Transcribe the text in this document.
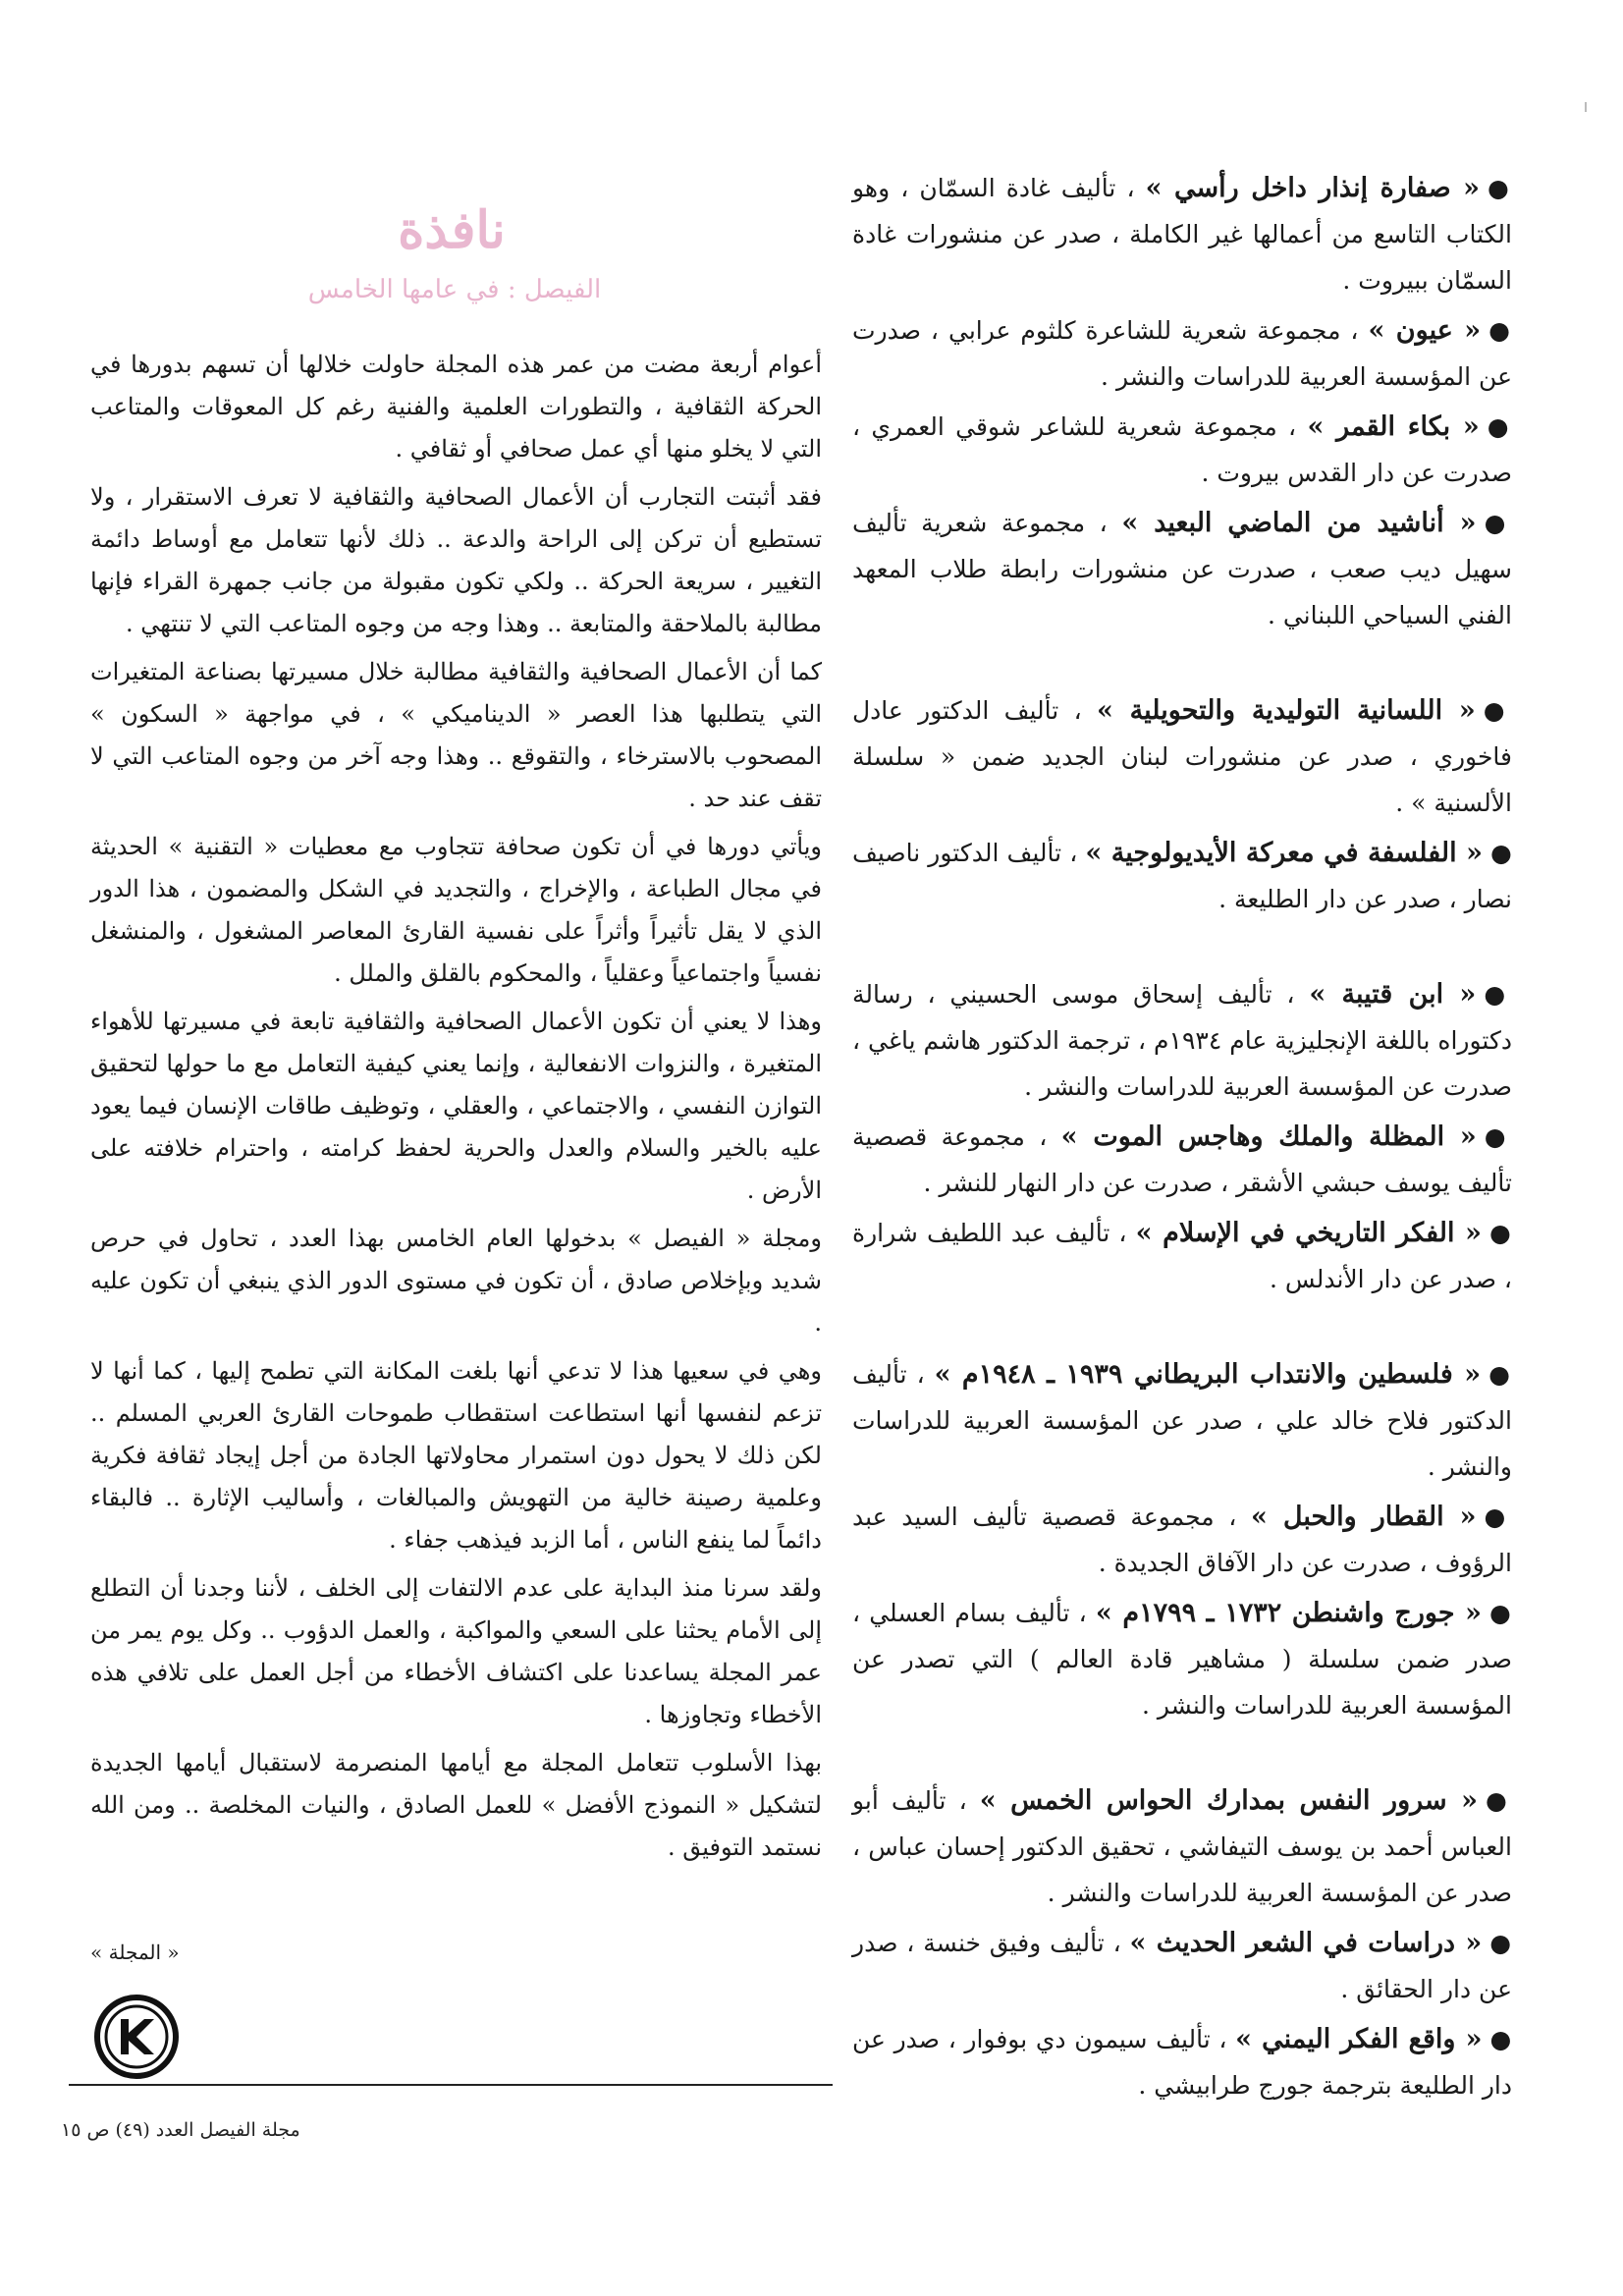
●« صفارة إنذار داخل رأسي » ، تأليف غادة السمّان ، وهو الكتاب التاسع من أعمالها غير الكاملة ، صدر عن منشورات غادة السمّان ببيروت .

●« عيون » ، مجموعة شعرية للشاعرة كلثوم عرابي ، صدرت عن المؤسسة العربية للدراسات والنشر .

●« بكاء القمر » ، مجموعة شعرية للشاعر شوقي العمري ، صدرت عن دار القدس بيروت .

●« أناشيد من الماضي البعيد » ، مجموعة شعرية تأليف سهيل ديب صعب ، صدرت عن منشورات رابطة طلاب المعهد الفني السياحي اللبناني .

●« اللسانية التوليدية والتحويلية » ، تأليف الدكتور عادل فاخوري ، صدر عن منشورات لبنان الجديد ضمن « سلسلة الألسنية » .

●« الفلسفة في معركة الأيديولوجية » ، تأليف الدكتور ناصيف نصار ، صدر عن دار الطليعة .

●« ابن قتيبة » ، تأليف إسحاق موسى الحسيني ، رسالة دكتوراه باللغة الإنجليزية عام ١٩٣٤م ، ترجمة الدكتور هاشم ياغي ، صدرت عن المؤسسة العربية للدراسات والنشر .

●« المظلة والملك وهاجس الموت » ، مجموعة قصصية تأليف يوسف حبشي الأشقر ، صدرت عن دار النهار للنشر .

●« الفكر التاريخي في الإسلام » ، تأليف عبد اللطيف شرارة ، صدر عن دار الأندلس .

●« فلسطين والانتداب البريطاني ١٩٣٩ ـ ١٩٤٨م » ، تأليف الدكتور فلاح خالد علي ، صدر عن المؤسسة العربية للدراسات والنشر .

●« القطار والحبل » ، مجموعة قصصية تأليف السيد عبد الرؤوف ، صدرت عن دار الآفاق الجديدة .

●« جورج واشنطن ١٧٣٢ ـ ١٧٩٩م » ، تأليف بسام العسلي ، صدر ضمن سلسلة ( مشاهير قادة العالم ) التي تصدر عن المؤسسة العربية للدراسات والنشر .

●« سرور النفس بمدارك الحواس الخمس » ، تأليف أبو العباس أحمد بن يوسف التيفاشي ، تحقيق الدكتور إحسان عباس ، صدر عن المؤسسة العربية للدراسات والنشر .

●« دراسات في الشعر الحديث » ، تأليف وفيق خنسة ، صدر عن دار الحقائق .

●« واقع الفكر اليمني » ، تأليف سيمون دي بوفوار ، صدر عن دار الطليعة بترجمة جورج طرابيشي .

نافذة
الفيصل : في عامها الخامس

أعوام أربعة مضت من عمر هذه المجلة حاولت خلالها أن تسهم بدورها في الحركة الثقافية ، والتطورات العلمية والفنية رغم كل المعوقات والمتاعب التي لا يخلو منها أي عمل صحافي أو ثقافي .

فقد أثبتت التجارب أن الأعمال الصحافية والثقافية لا تعرف الاستقرار ، ولا تستطيع أن تركن إلى الراحة والدعة .. ذلك لأنها تتعامل مع أوساط دائمة التغيير ، سريعة الحركة .. ولكي تكون مقبولة من جانب جمهرة القراء فإنها مطالبة بالملاحقة والمتابعة .. وهذا وجه من وجوه المتاعب التي لا تنتهي .

كما أن الأعمال الصحافية والثقافية مطالبة خلال مسيرتها بصناعة المتغيرات التي يتطلبها هذا العصر « الديناميكي » ، في مواجهة « السكون » المصحوب بالاسترخاء ، والتقوقع .. وهذا وجه آخر من وجوه المتاعب التي لا تقف عند حد .

ويأتي دورها في أن تكون صحافة تتجاوب مع معطيات « التقنية » الحديثة في مجال الطباعة ، والإخراج ، والتجديد في الشكل والمضمون ، هذا الدور الذي لا يقل تأثيراً وأثراً على نفسية القارئ المعاصر المشغول ، والمنشغل نفسياً واجتماعياً وعقلياً ، والمحكوم بالقلق والملل .

وهذا لا يعني أن تكون الأعمال الصحافية والثقافية تابعة في مسيرتها للأهواء المتغيرة ، والنزوات الانفعالية ، وإنما يعني كيفية التعامل مع ما حولها لتحقيق التوازن النفسي ، والاجتماعي ، والعقلي ، وتوظيف طاقات الإنسان فيما يعود عليه بالخير والسلام والعدل والحرية لحفظ كرامته ، واحترام خلافته على الأرض .

ومجلة « الفيصل » بدخولها العام الخامس بهذا العدد ، تحاول في حرص شديد وبإخلاص صادق ، أن تكون في مستوى الدور الذي ينبغي أن تكون عليه .

وهي في سعيها هذا لا تدعي أنها بلغت المكانة التي تطمح إليها ، كما أنها لا تزعم لنفسها أنها استطاعت استقطاب طموحات القارئ العربي المسلم .. لكن ذلك لا يحول دون استمرار محاولاتها الجادة من أجل إيجاد ثقافة فكرية وعلمية رصينة خالية من التهويش والمبالغات ، وأساليب الإثارة .. فالبقاء دائماً لما ينفع الناس ، أما الزبد فيذهب جفاء .

ولقد سرنا منذ البداية على عدم الالتفات إلى الخلف ، لأننا وجدنا أن التطلع إلى الأمام يحثنا على السعي والمواكبة ، والعمل الدؤوب .. وكل يوم يمر من عمر المجلة يساعدنا على اكتشاف الأخطاء من أجل العمل على تلافي هذه الأخطاء وتجاوزها .

بهذا الأسلوب تتعامل المجلة مع أيامها المنصرمة لاستقبال أيامها الجديدة لتشكيل « النموذج الأفضل » للعمل الصادق ، والنيات المخلصة .. ومن الله نستمد التوفيق .

« المجلة »
مجلة الفيصل العدد (٤٩) ص ١٥
